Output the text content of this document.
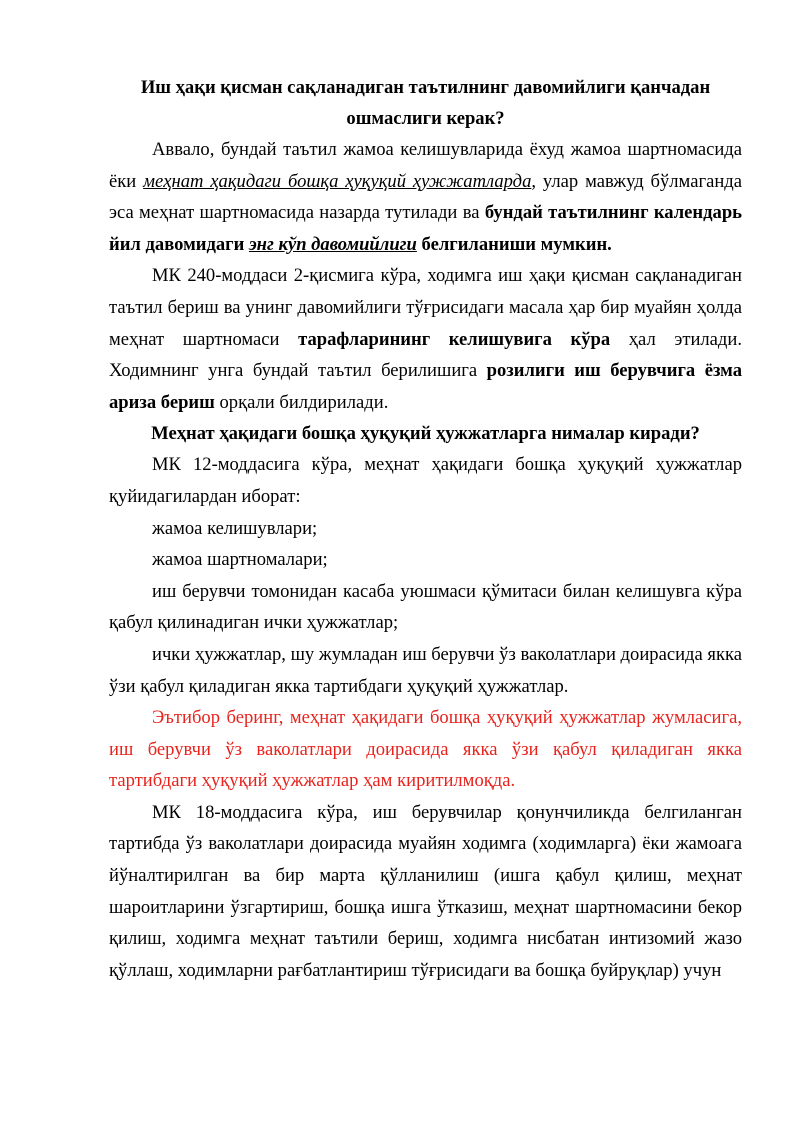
Иш ҳақи қисман сақланадиган таътилнинг давомийлиги қанчадан
ошмаслиги керак?

Аввало, бундай таътил жамоа келишувларида ёхуд жамоа шартномасида ёки меҳнат ҳақидаги бошқа ҳуқуқий ҳужжатларда, улар мавжуд бўлмаганда эса меҳнат шартномасида назарда тутилади ва бундай таътилнинг календарь йил давомидаги энг кўп давомийлиги белгиланиши мумкин.

МК 240-моддаси 2-қисмига кўра, ходимга иш ҳақи қисман сақланадиган таътил бериш ва унинг давомийлиги тўғрисидаги масала ҳар бир муайян ҳолда меҳнат шартномаси тарафларининг келишувига кўра ҳал этилади. Ходимнинг унга бундай таътил берилишига розилиги иш берувчига ёзма ариза бериш орқали билдирилади.

Меҳнат ҳақидаги бошқа ҳуқуқий ҳужжатларга нималар киради?

МК 12-моддасига кўра, меҳнат ҳақидаги бошқа ҳуқуқий ҳужжатлар қуйидагилардан иборат:

жамоа келишувлари;

жамоа шартномалари;

иш берувчи томонидан касаба уюшмаси қўмитаси билан келишувга кўра қабул қилинадиган ички ҳужжатлар;

ички ҳужжатлар, шу жумладан иш берувчи ўз ваколатлари доирасида якка ўзи қабул қиладиган якка тартибдаги ҳуқуқий ҳужжатлар.

Эътибор беринг, меҳнат ҳақидаги бошқа ҳуқуқий ҳужжатлар жумласига, иш берувчи ўз ваколатлари доирасида якка ўзи қабул қиладиган якка тартибдаги ҳуқуқий ҳужжатлар ҳам киритилмоқда.

МК 18-моддасига кўра, иш берувчилар қонунчиликда белгиланган тартибда ўз ваколатлари доирасида муайян ходимга (ходимларга) ёки жамоага йўналтирилган ва бир марта қўлланилиш (ишга қабул қилиш, меҳнат шароитларини ўзгартириш, бошқа ишга ўтказиш, меҳнат шартномасини бекор қилиш, ходимга меҳнат таътили бериш, ходимга нисбатан интизомий жазо қўллаш, ходимларни рағбатлантириш тўғрисидаги ва бошқа буйруқлар) учун
